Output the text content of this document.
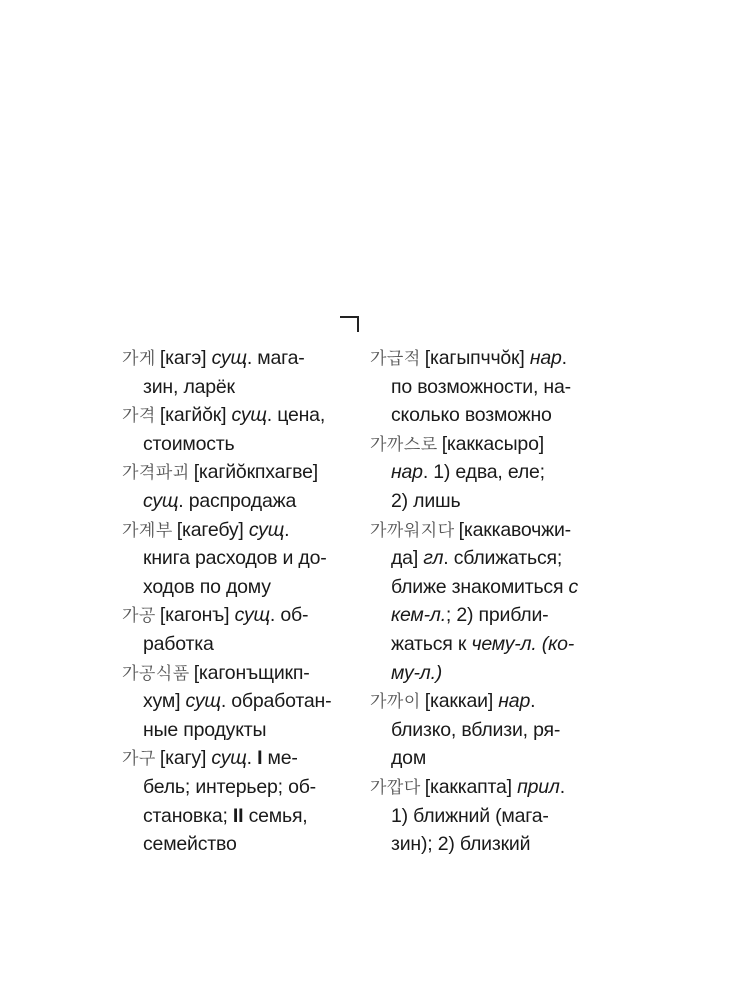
가게 [кагэ] сущ. мага-
зин, ларёк
가격 [кагйŏк] сущ. цена,
стоимость
가격파괴 [кагйŏкпхагве]
сущ. распродажа
가계부 [кагебу] сущ.
книга расходов и до-
ходов по дому
가공 [кагонъ] сущ. об-
работка
가공식품 [кагонъщикп-
хум] сущ. обработан-
ные продукты
가구 [кагу] сущ. I ме-
бель; интерьер; об-
становка; II семья,
семейство
가급적 [кагыпччŏк] нар.
по возможности, на-
сколько возможно
가까스로 [каккасыро]
нар. 1) едва, еле;
2) лишь
가까워지다 [каккавочжи-
да] гл. сближаться;
ближе знакомиться с
кем-л.; 2) прибли-
жаться к чему-л. (ко-
му-л.)
가까이 [каккаи] нар.
близко, вблизи, ря-
дом
가깝다 [каккапта] прил.
1) ближний (мага-
зин); 2) близкий
